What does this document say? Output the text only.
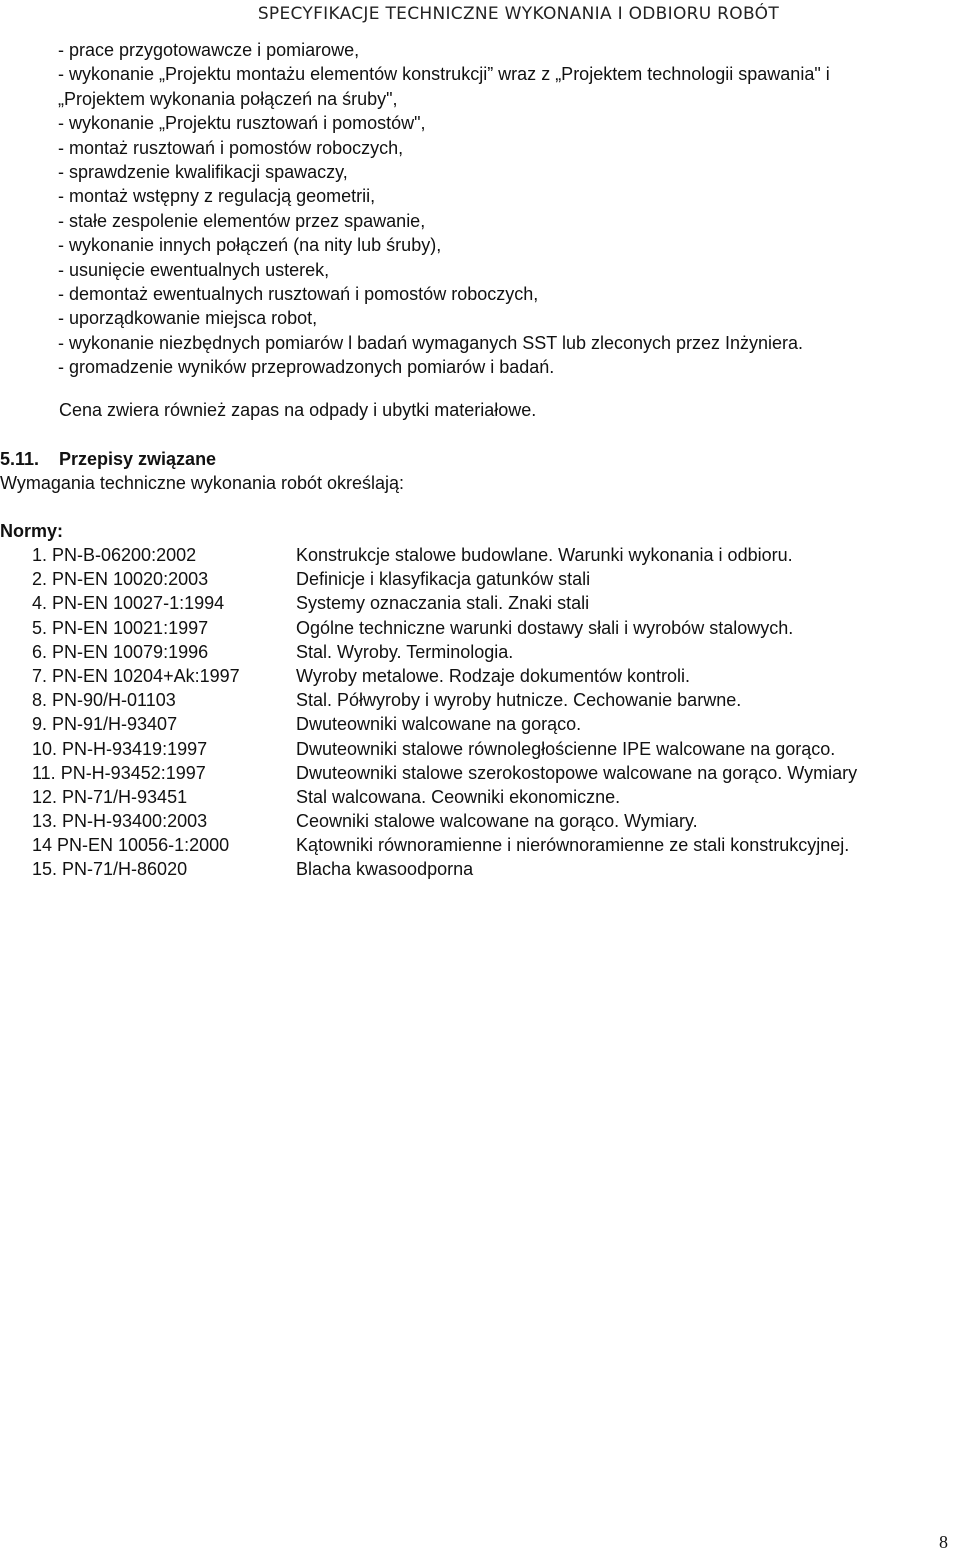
SPECYFIKACJE TECHNICZNE WYKONANIA I ODBIORU ROBÓT
- prace przygotowawcze i pomiarowe,
- wykonanie „Projektu montażu elementów konstrukcji” wraz z „Projektem technologii spawania" i
„Projektem wykonania połączeń na śruby",
- wykonanie „Projektu rusztowań i pomostów",
- montaż rusztowań i pomostów roboczych,
- sprawdzenie kwalifikacji spawaczy,
- montaż wstępny z regulacją geometrii,
- stałe zespolenie elementów przez spawanie,
- wykonanie innych połączeń (na nity lub śruby),
- usunięcie ewentualnych usterek,
- demontaż ewentualnych rusztowań i pomostów roboczych,
- uporządkowanie miejsca robot,
- wykonanie niezbędnych pomiarów l badań wymaganych SST lub zleconych przez Inżyniera.
- gromadzenie wyników przeprowadzonych pomiarów i badań.
Cena zwiera również zapas na odpady i ubytki materiałowe.
5.11. Przepisy związane
Wymagania techniczne wykonania robót określają:
Normy:
1. PN-B-06200:2002	Konstrukcje stalowe budowlane. Warunki wykonania i odbioru.
2. PN-EN 10020:2003	Definicje i klasyfikacja gatunków stali
4. PN-EN 10027-1:1994	Systemy oznaczania stali. Znaki stali
5. PN-EN 10021:1997	Ogólne techniczne warunki dostawy słali i wyrobów stalowych.
6. PN-EN 10079:1996	Stal. Wyroby. Terminologia.
7. PN-EN 10204+Ak:1997	Wyroby metalowe. Rodzaje dokumentów kontroli.
8. PN-90/H-01103	Stal. Półwyroby i wyroby hutnicze. Cechowanie barwne.
9. PN-91/H-93407	Dwuteowniki walcowane na gorąco.
10. PN-H-93419:1997	Dwuteowniki stalowe równoległościenne IPE walcowane na gorąco.
11. PN-H-93452:1997	Dwuteowniki stalowe szerokostopowe walcowane na gorąco. Wymiary
12. PN-71/H-93451	Stal walcowana. Ceowniki ekonomiczne.
13. PN-H-93400:2003	Ceowniki stalowe walcowane na gorąco. Wymiary.
14 PN-EN 10056-1:2000	Kątowniki równoramienne i nierównoramienne ze stali konstrukcyjnej.
15. PN-71/H-86020	Blacha kwasoodporna
8
